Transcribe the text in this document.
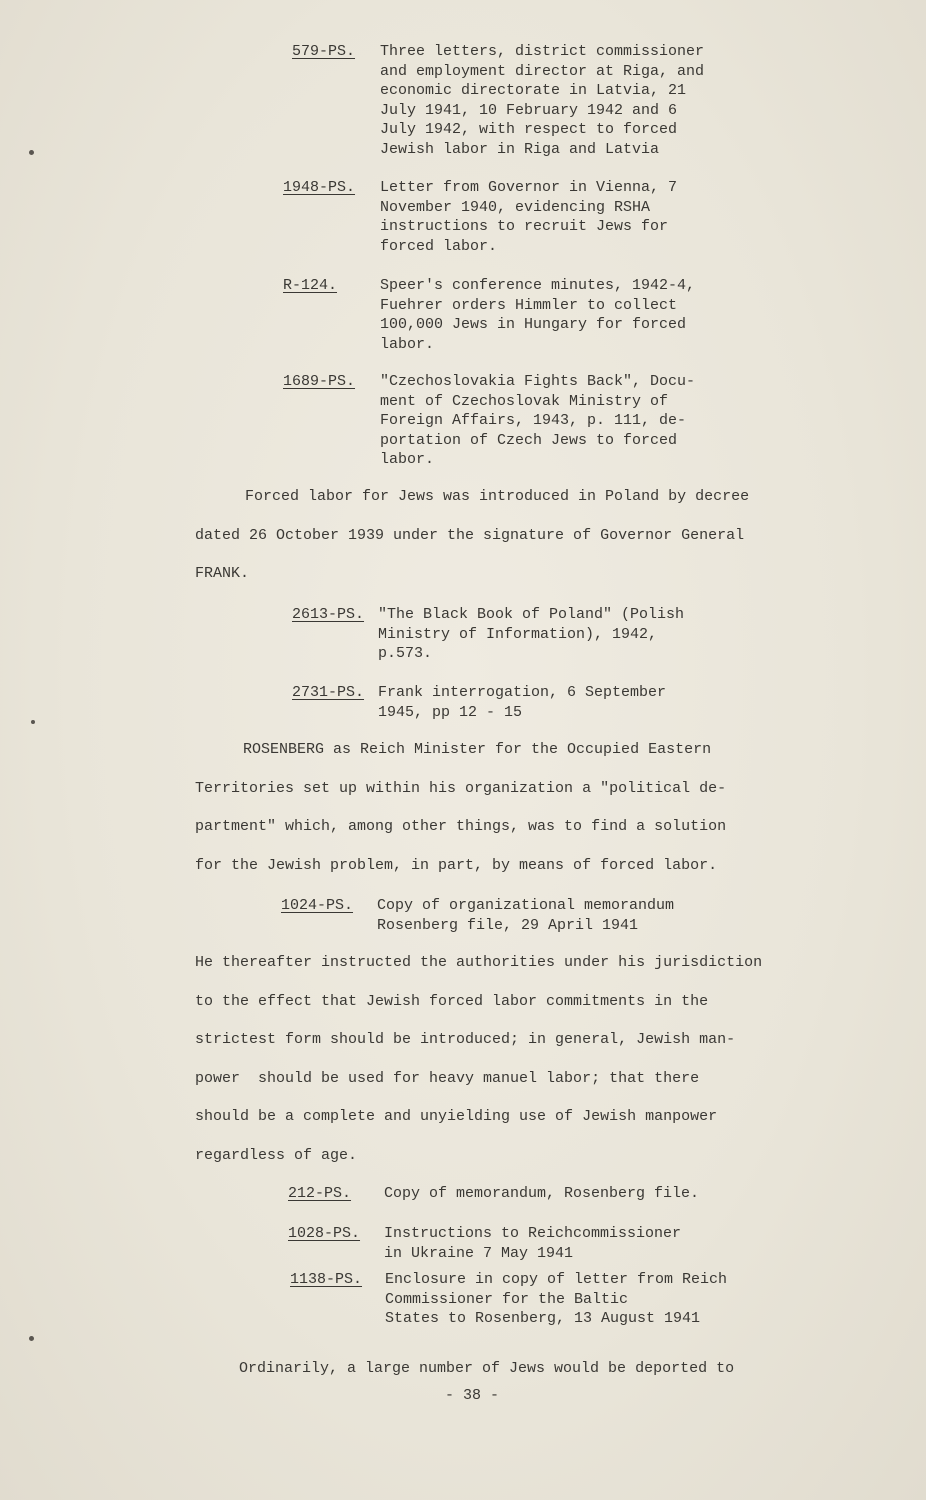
579-PS. Three letters, district commissioner
and employment director at Riga, and
economic directorate in Latvia, 21
July 1941, 10 February 1942 and 6
July 1942, with respect to forced
Jewish labor in Riga and Latvia
1948-PS. Letter from Governor in Vienna, 7
November 1940, evidencing RSHA
instructions to recruit Jews for
forced labor.
R-124.	Speer's conference minutes, 1942-4,
Fuehrer orders Himmler to collect
100,000 Jews in Hungary for forced
labor.
1689-PS. "Czechoslovakia Fights Back", Docu-
ment of Czechoslovak Ministry of
Foreign Affairs, 1943, p. 111, de-
portation of Czech Jews to forced
labor.
Forced labor for Jews was introduced in Poland by decree
dated 26 October 1939 under the signature of Governor General
FRANK.
2613-PS. "The Black Book of Poland" (Polish
Ministry of Information), 1942,
p.573.
2731-PS. Frank interrogation, 6 September
1945, pp 12 - 15
ROSENBERG as Reich Minister for the Occupied Eastern
Territories set up within his organization a "political de-
partment" which, among other things, was to find a solution
for the Jewish problem, in part, by means of forced labor.
1024-PS. Copy of organizational memorandum
Rosenberg file, 29 April 1941
He thereafter instructed the authorities under his jurisdiction
to the effect that Jewish forced labor commitments in the
strictest form should be introduced; in general, Jewish man-
power  should be used for heavy manuel labor; that there
should be a complete and unyielding use of Jewish manpower
regardless of age.
212-PS. Copy of memorandum, Rosenberg file.
1028-PS. Instructions to Reichcommissioner
in Ukraine 7 May 1941
1138-PS. Enclosure in copy of letter from Reich
Commissioner for the Baltic
States to Rosenberg, 13 August 1941
Ordinarily, a large number of Jews would be deported to
- 38 -
